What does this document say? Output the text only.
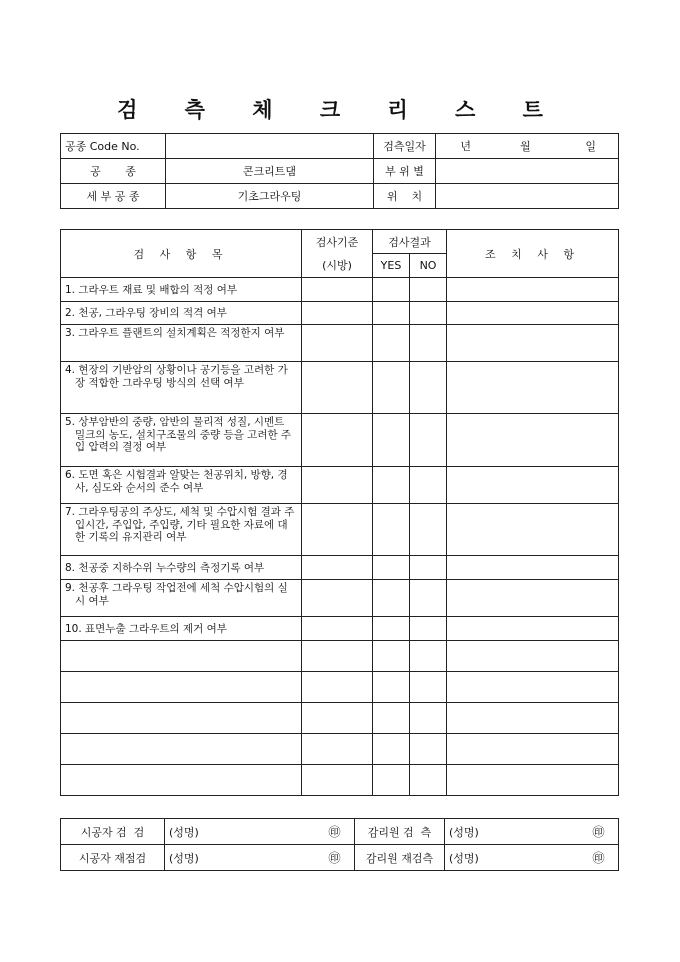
검 측 체 크 리 스 트
공종 Code No.		검측일자	년	월	일
공       종	콘크리트댐	부 위 별			
세 부 공 종	기초그라우팅	위    치			
검 사 항 목	검사기준	검사결과		조 치 사 항
	(시방)	YES	NO	

1. 그라우트 재료 및 배합의 적정 여부				

2. 천공, 그라우팅 장비의 적격 여부				

3. 그라우트 플랜트의 설치계획은 적정한지 여부				

4. 현장의 기반암의 상황이나 공기등을 고려한 가장 적합한 그라우팅 방식의 선택 여부				

5. 상부암반의 중량, 암반의 물리적 성질, 시멘트 밀크의 농도, 설치구조물의 중량 등을 고려한 주입 압력의 결정 여부				

6. 도면 혹은 시험결과 알맞는 천공위치, 방향, 경사, 심도와 순서의 준수 여부				

7. 그라우팅공의 주상도, 세척 및 수압시험 결과 주입시간, 주입압, 주입량, 기타 필요한 자료에 대한 기록의 유지관리 여부				

8. 천공중 지하수위 누수량의 측정기록 여부				

9. 천공후 그라우팅 작업전에 세척 수압시험의 실시 여부				

10. 표면누출 그라우트의 제거 여부				

시공자 검  검	(성명)	㊞	감리원 검  측	(성명)	㊞
시공자 재점검	(성명)	㊞	감리원 재검측	(성명)	㊞
